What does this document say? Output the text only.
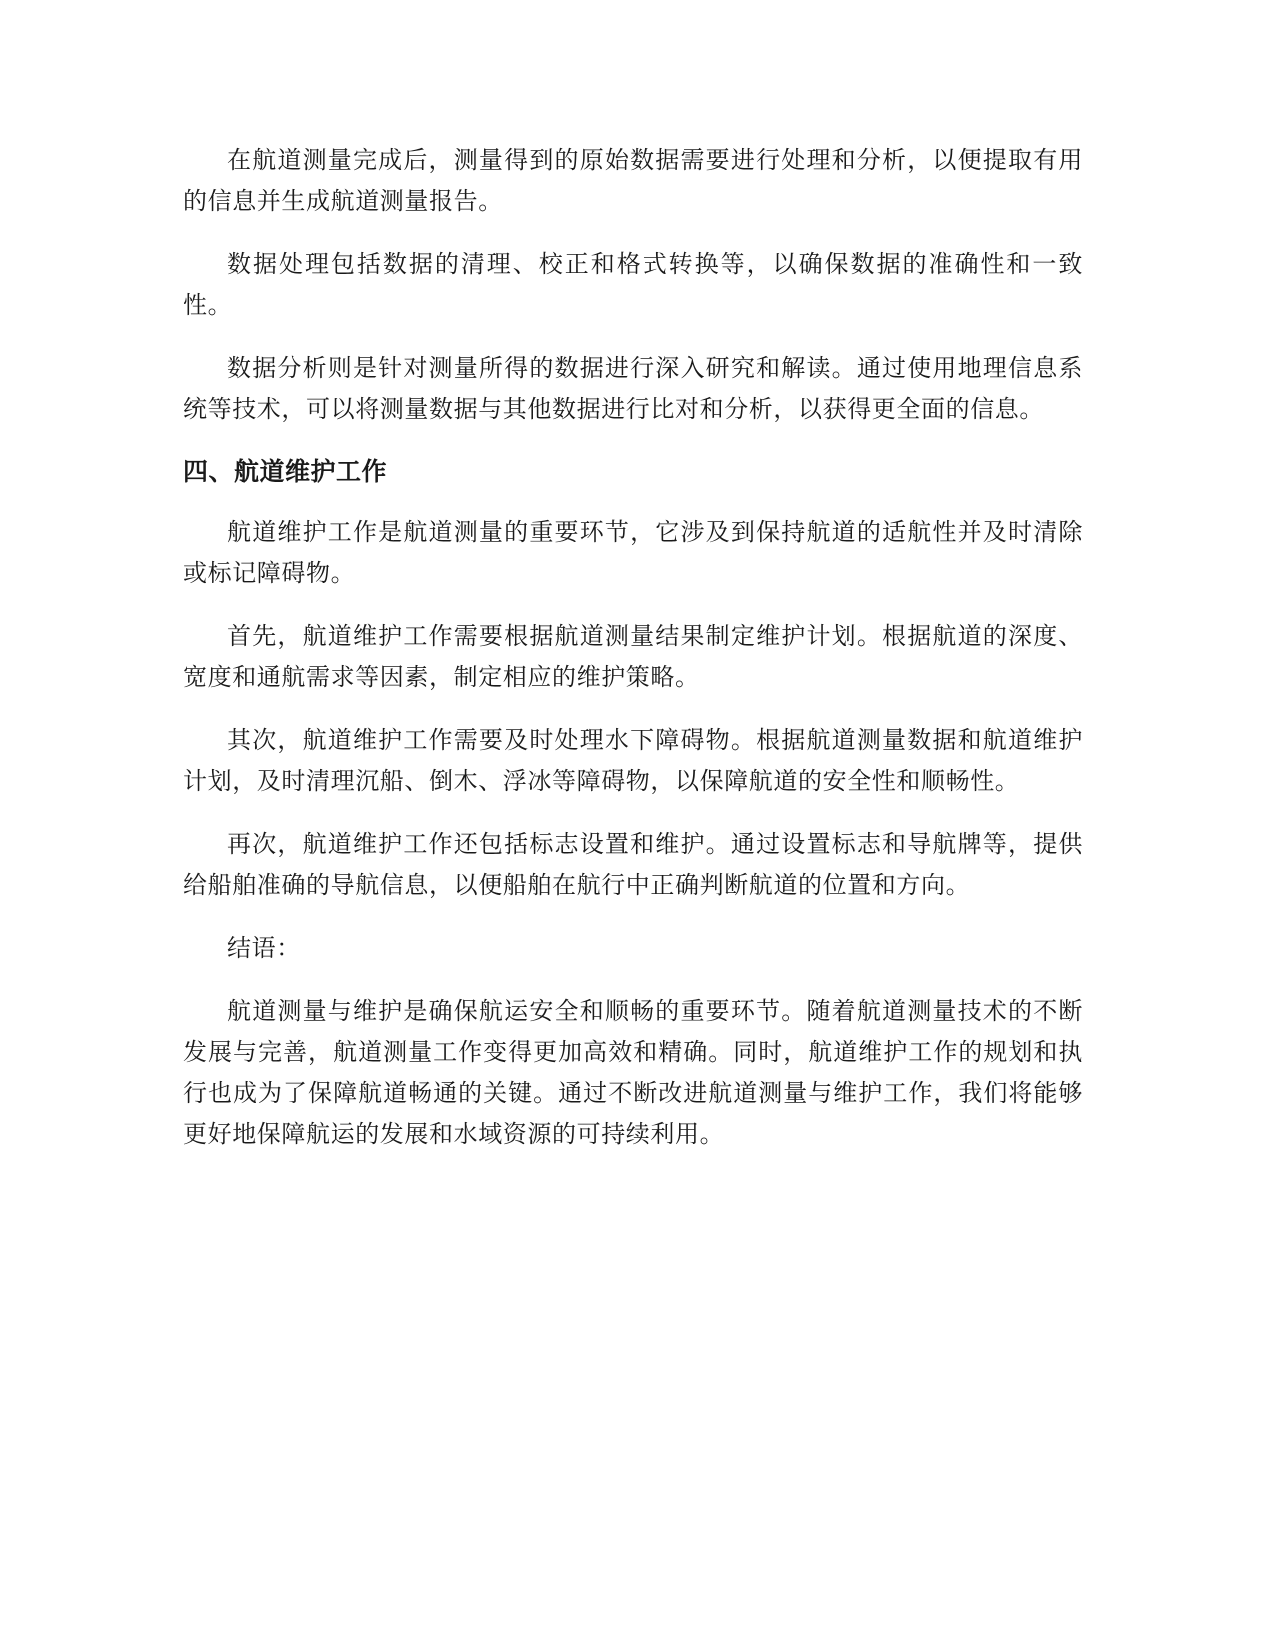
在航道测量完成后，测量得到的原始数据需要进行处理和分析，以便提取有用的信息并生成航道测量报告。

数据处理包括数据的清理、校正和格式转换等，以确保数据的准确性和一致性。

数据分析则是针对测量所得的数据进行深入研究和解读。通过使用地理信息系统等技术，可以将测量数据与其他数据进行比对和分析，以获得更全面的信息。

四、航道维护工作

航道维护工作是航道测量的重要环节，它涉及到保持航道的适航性并及时清除或标记障碍物。

首先，航道维护工作需要根据航道测量结果制定维护计划。根据航道的深度、宽度和通航需求等因素，制定相应的维护策略。

其次，航道维护工作需要及时处理水下障碍物。根据航道测量数据和航道维护计划，及时清理沉船、倒木、浮冰等障碍物，以保障航道的安全性和顺畅性。

再次，航道维护工作还包括标志设置和维护。通过设置标志和导航牌等，提供给船舶准确的导航信息，以便船舶在航行中正确判断航道的位置和方向。

结语：

航道测量与维护是确保航运安全和顺畅的重要环节。随着航道测量技术的不断发展与完善，航道测量工作变得更加高效和精确。同时，航道维护工作的规划和执行也成为了保障航道畅通的关键。通过不断改进航道测量与维护工作，我们将能够更好地保障航运的发展和水域资源的可持续利用。
